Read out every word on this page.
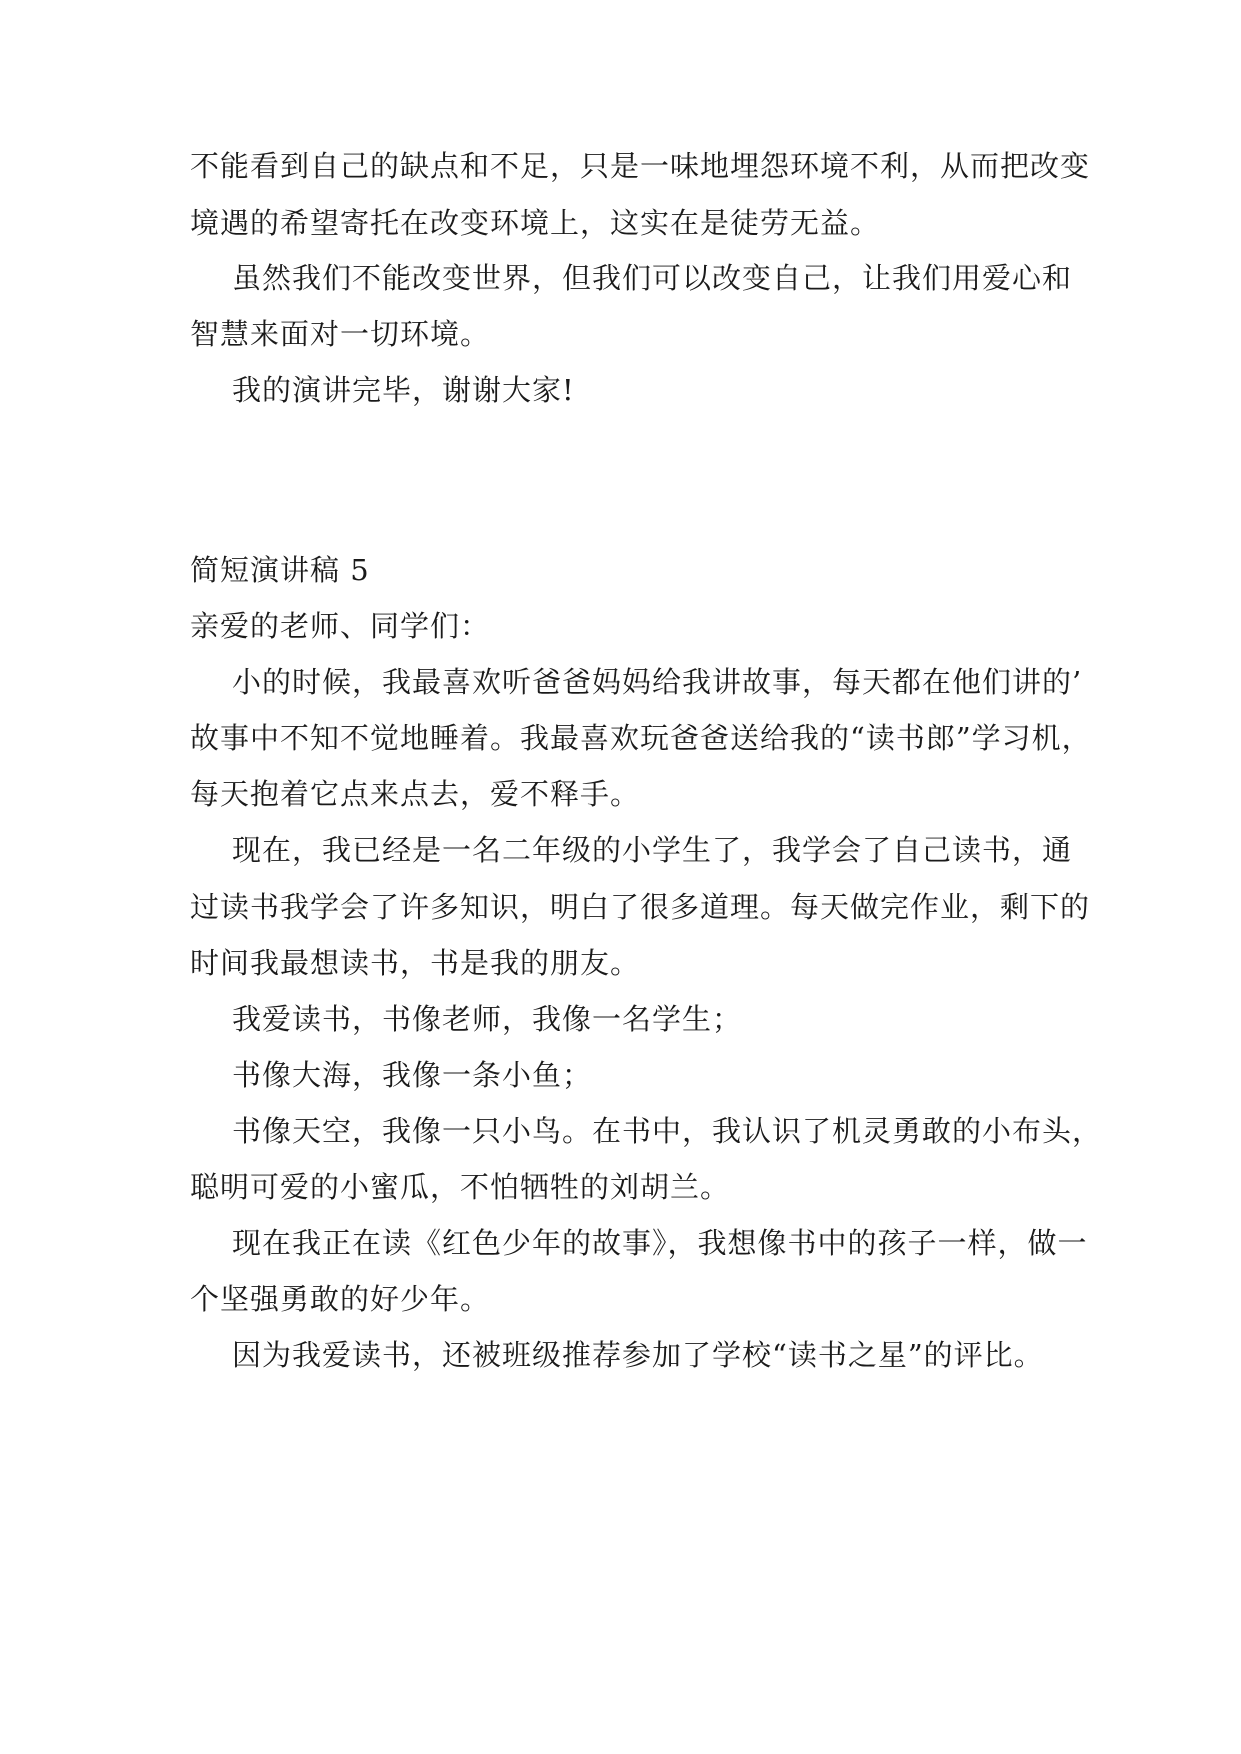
不能看到自己的缺点和不足，只是一味地埋怨环境不利，从而把改变
境遇的希望寄托在改变环境上，这实在是徒劳无益。
虽然我们不能改变世界，但我们可以改变自己，让我们用爱心和
智慧来面对一切环境。
我的演讲完毕，谢谢大家!
简短演讲稿 5
亲爱的老师、同学们：
小的时候，我最喜欢听爸爸妈妈给我讲故事，每天都在他们讲的’
故事中不知不觉地睡着。我最喜欢玩爸爸送给我的“读书郎”学习机，
每天抱着它点来点去，爱不释手。
现在，我已经是一名二年级的小学生了，我学会了自己读书，通
过读书我学会了许多知识，明白了很多道理。每天做完作业，剩下的
时间我最想读书，书是我的朋友。
我爱读书，书像老师，我像一名学生；
书像大海，我像一条小鱼；
书像天空，我像一只小鸟。在书中，我认识了机灵勇敢的小布头，
聪明可爱的小蜜瓜，不怕牺牲的刘胡兰。
现在我正在读《红色少年的故事》，我想像书中的孩子一样，做一
个坚强勇敢的好少年。
因为我爱读书，还被班级推荐参加了学校“读书之星”的评比。
